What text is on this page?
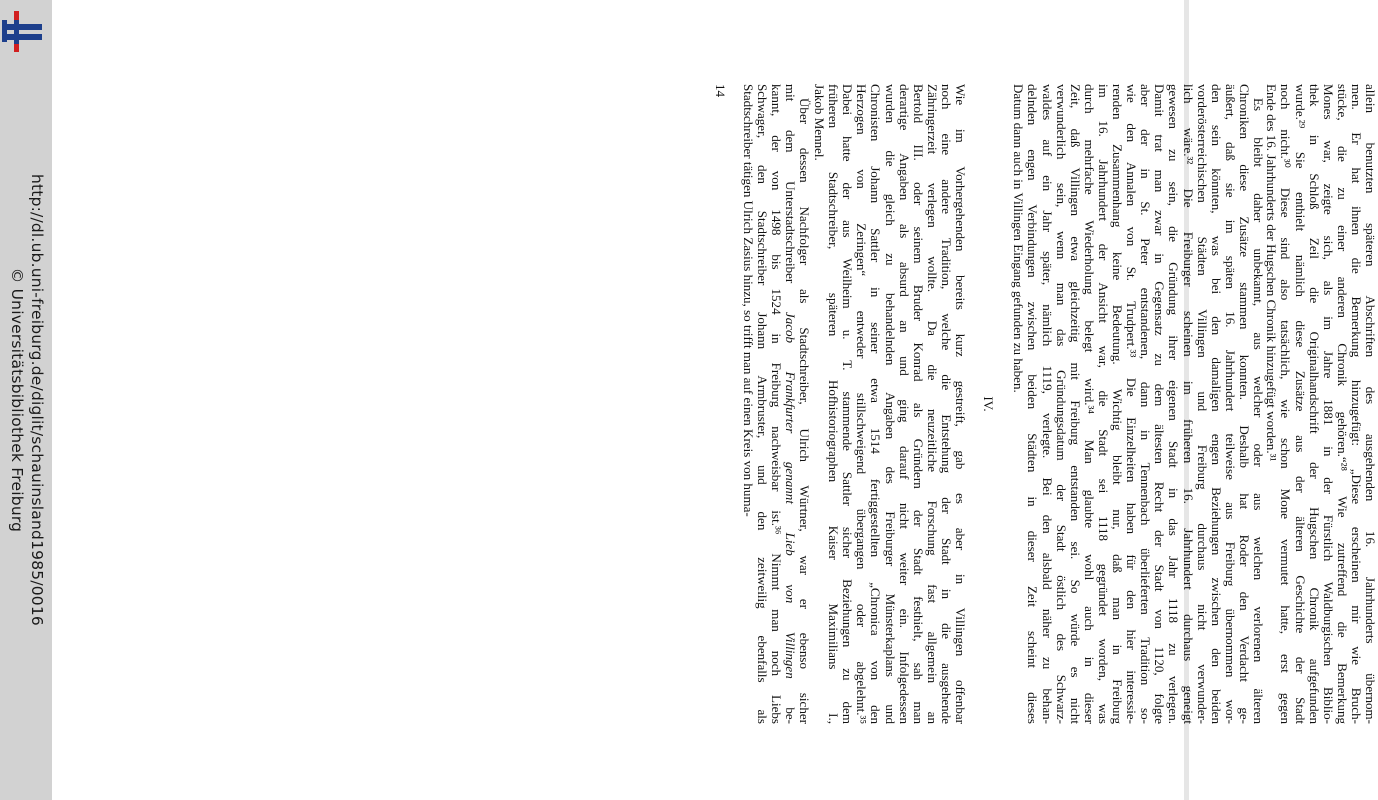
http://dl.ub.uni-freiburg.de/diglit/schauinsland1985/0016
© Universitätsbibliothek Freiburg	allein benutzten späteren Abschriften des ausgehenden 16. Jahrhunderts übernom-
men. Er hat ihnen die Bemerkung hinzugefügt: „Diese erscheinen mir wie Bruch-
stücke, die zu einer anderen Chronik gehören.“²⁸ Wie zutreffend die Bemerkung
Mones war, zeigte sich, als im Jahre 1881 in der Fürstlich Waldburgischen Biblio-
thek in Schloß Zeil die Originalhandschrift der Hugschen Chronik aufgefunden
wurde.²⁹ Sie enthielt nämlich diese Zusätze aus der älteren Geschichte der Stadt
noch nicht.³⁰ Diese sind also tatsächlich, wie schon Mone vermutet hatte, erst gegen
Ende des 16. Jahrhunderts der Hugschen Chronik hinzugefügt worden.³¹
Es bleibt daher unbekannt, aus welcher oder aus welchen verlorenen älteren
Chroniken diese Zusätze stammen konnten. Deshalb hat Roder den Verdacht ge-
äußert, daß sie im späten 16. Jahrhundert teilweise aus Freiburg übernommen wor-
den sein könnten, was bei den damaligen engen Beziehungen zwischen den beiden
vorderösterreichischen Städten Villingen und Freiburg durchaus nicht verwunder-
lich wäre.³² Die Freiburger scheinen im früheren 16. Jahrhundert durchaus geneigt
gewesen zu sein, die Gründung ihrer eigenen Stadt in das Jahr 1118 zu verlegen.
Damit trat man zwar in Gegensatz zu dem ältesten Recht der Stadt von 1120, folgte
aber der in St. Peter entstandenen, dann in Tennenbach überlieferten Tradition so-
wie den Annalen von St. Trudpert.³³ Die Einzelheiten haben für den hier interessie-
renden Zusammenhang keine Bedeutung. Wichtig bleibt nur, daß man in Freiburg
im 16. Jahrhundert der Ansicht war, die Stadt sei 1118 gegründet worden, was
durch mehrfache Wiederholung belegt wird.³⁴ Man glaubte wohl auch in dieser
Zeit, daß Villingen etwa gleichzeitig mit Freiburg entstanden sei. So würde es nicht
verwunderlich sein, wenn man das Gründungsdatum der Stadt östlich des Schwarz-
waldes auf ein Jahr später, nämlich 1119, verlegte. Bei den alsbald näher zu behan-
delnden engen Verbindungen zwischen beiden Städten in dieser Zeit scheint dieses
Datum dann auch in Villingen Eingang gefunden zu haben.
IV.
Wie im Vorhergehenden bereits kurz gestreift, gab es aber in Villingen offenbar
noch eine andere Tradition, welche die Entstehung der Stadt in die ausgehende
Zähringerzeit verlegen wollte. Da die neuzeitliche Forschung fast allgemein an
Bertold III. oder seinem Bruder Konrad als Gründern der Stadt festhielt, sah man
derartige Angaben als absurd an und ging darauf nicht weiter ein. Infolgedessen
wurden die gleich zu behandelnden Angaben des Freiburger Münsterkaplans und
Chronisten Johann Sattler in seiner etwa 1514 fertiggestellten „Chronica von den
Herzogen von Zeringen“ entweder stillschweigend übergangen oder abgelehnt.³⁵
Dabei hatte der aus Weilheim u. T. stammende Sattler sicher Beziehungen zu dem
früheren Stadtschreiber, späteren Hofhistoriographen Kaiser Maximilians I.,
Jakob Mennel.
Über dessen Nachfolger als Stadtschreiber, Ulrich Würtner, war er ebenso sicher
mit dem Unterstadtschreiber Jacob Frankfurter genannt Lieb von Villingen be-
kannt, der von 1498 bis 1524 in Freiburg nachweisbar ist.³⁶ Nimmt man noch Liebs
Schwager, den Stadtschreiber Johann Armbruster, und den zeitweilig ebenfalls als
Stadtschreiber tätigen Ulrich Zasius hinzu, so trifft man auf einen Kreis von huma-
14
